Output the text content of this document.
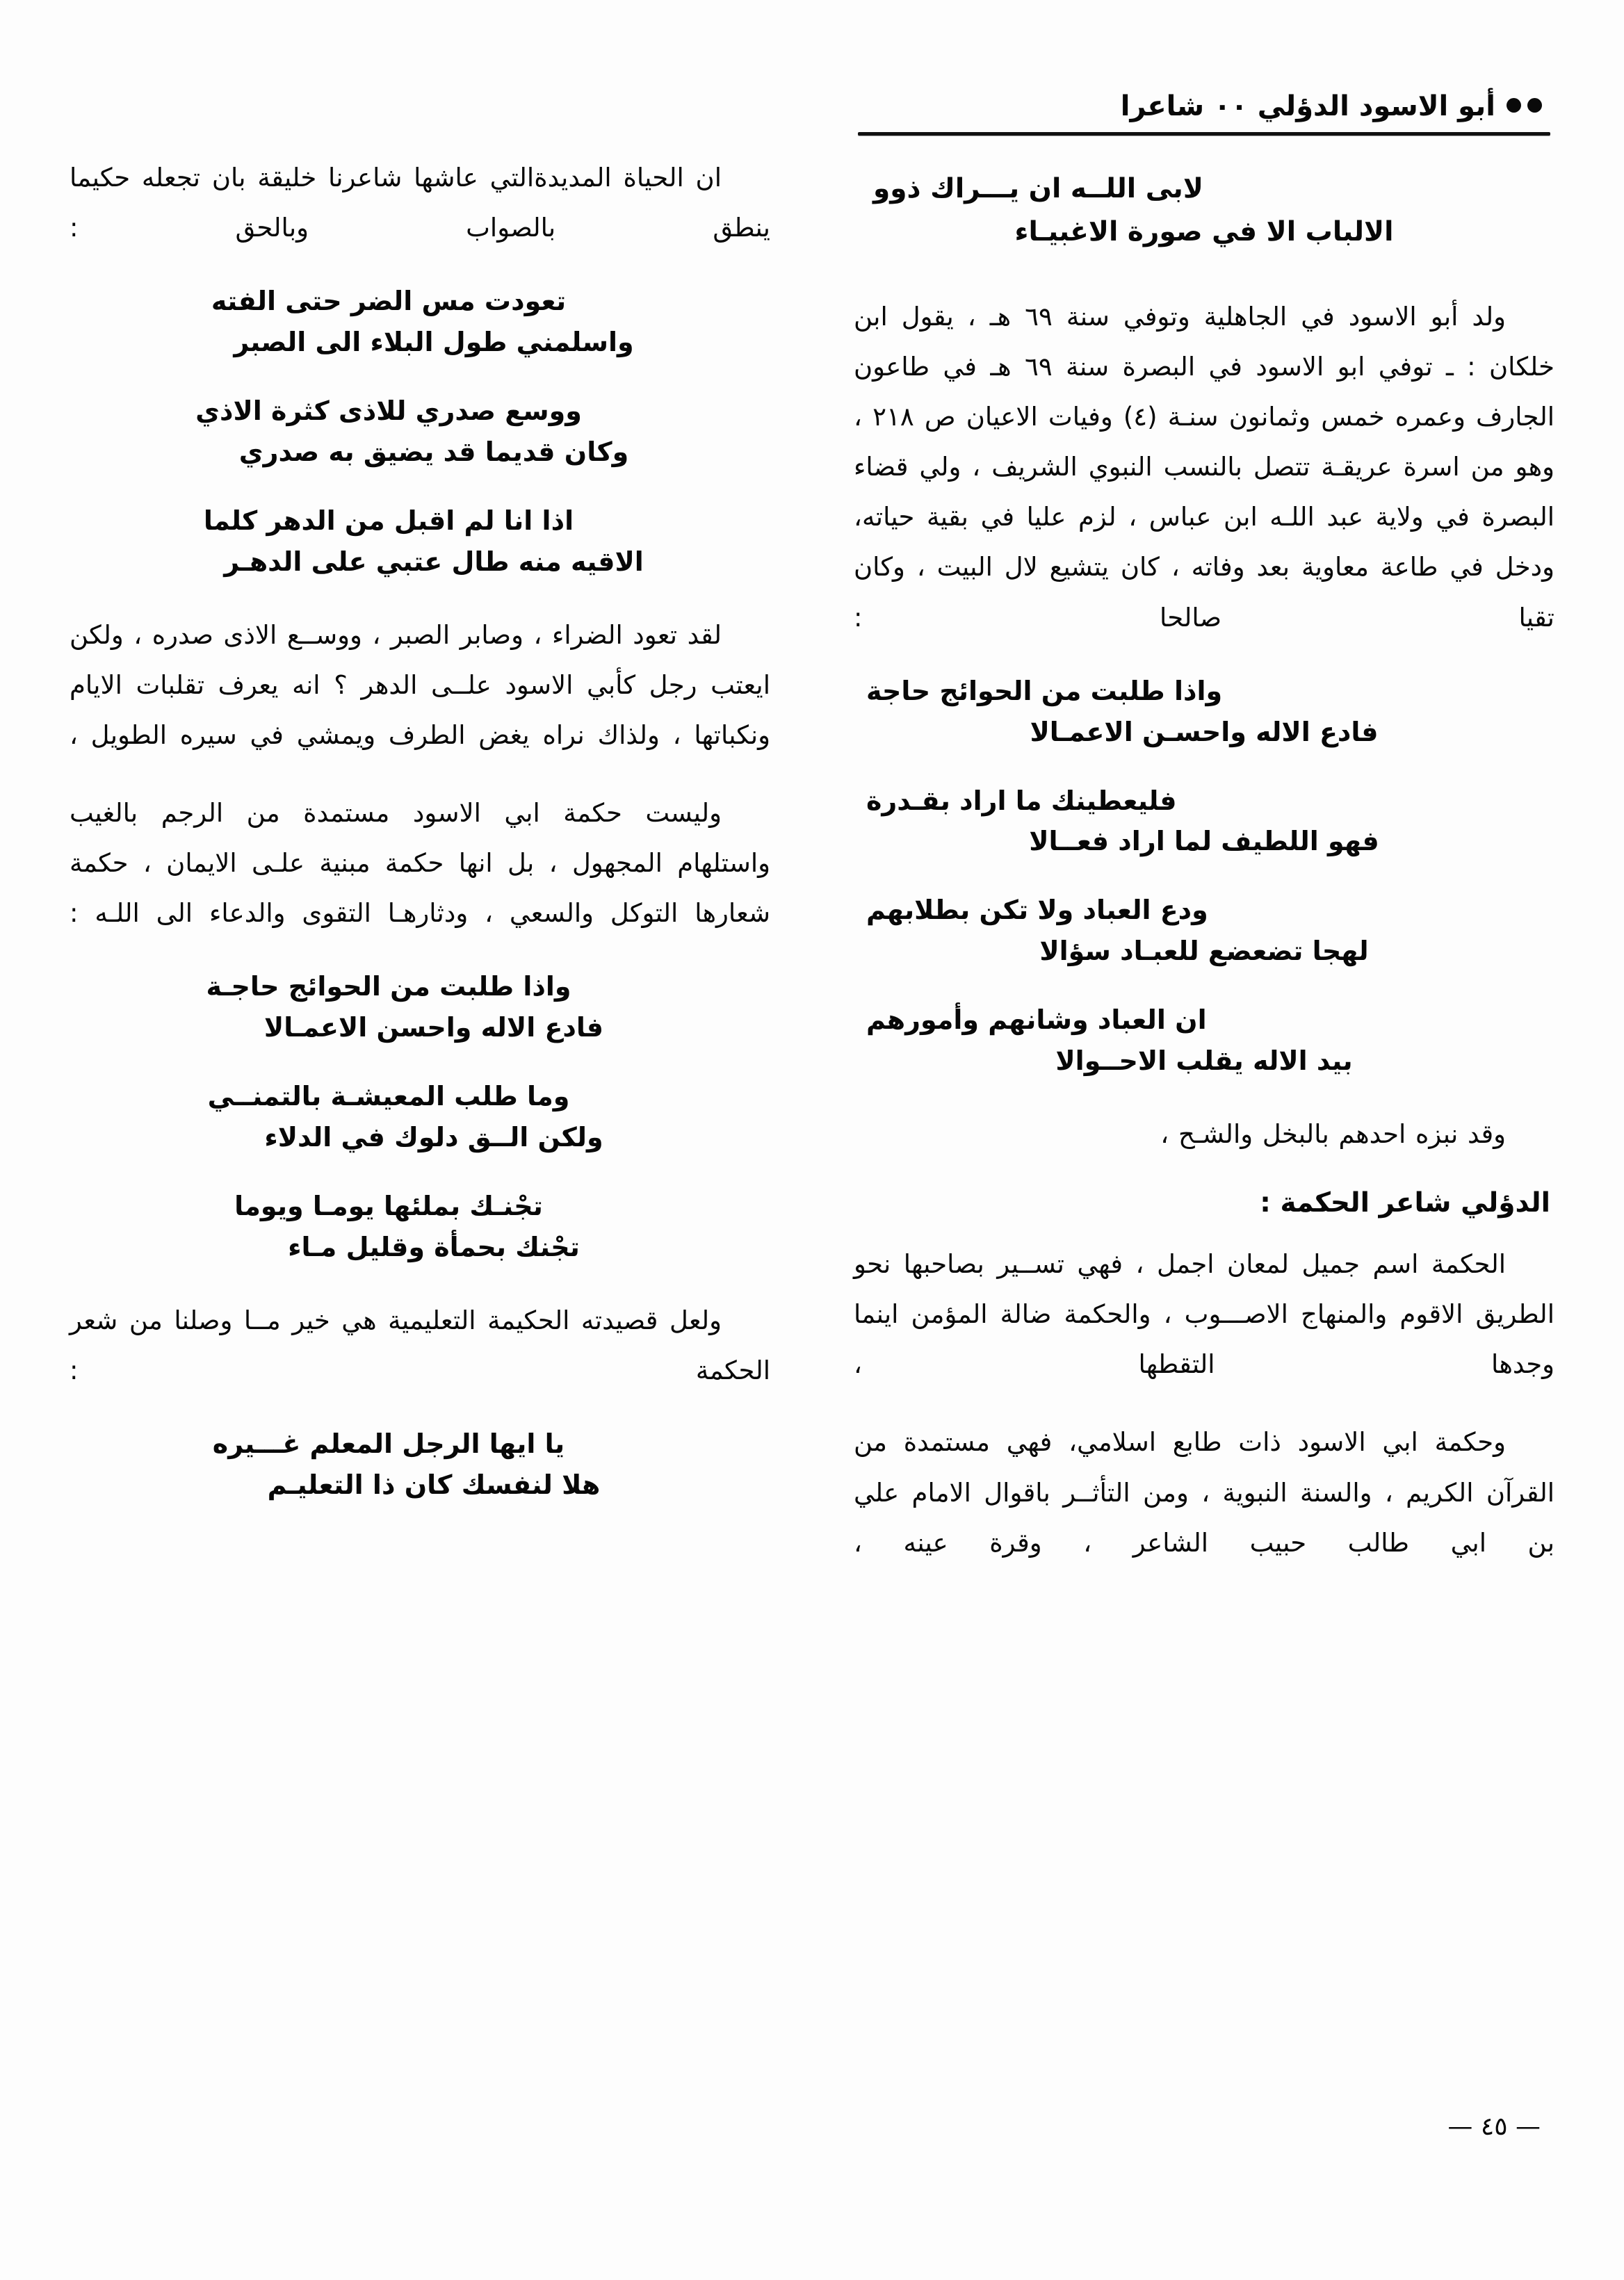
أبو الاسود الدؤلي ٠٠ شاعرا
لابى اللــه ان يـــراك ذوو
الالباب الا في صورة الاغبيـاء

ولد أبو الاسود في الجاهلية وتوفي سنة ٦٩ هـ ، يقول ابن خلكان : ـ توفي ابو الاسود في البصرة سنة ٦٩ هـ في طاعون الجارف وعمره خمس وثمانون سنـة (٤) وفيات الاعيان ص ٢١٨ ، وهو من اسرة عريقـة تتصل بالنسب النبوي الشريف ، ولي قضاء البصرة في ولاية عبد اللـه ابن عباس ، لزم عليا في بقية حياته، ودخل في طاعة معاوية بعد وفاته ، كان يتشيع لال البيت ، وكان تقيا صالحا :

واذا طلبت من الحوائج حاجة
فادع الاله واحسـن الاعمـالا
فليعطينك ما اراد بقـدرة
فهو اللطيف لما اراد فعــالا
ودع العباد ولا تكن بطلابهم
لهجا تضعضع للعبـاد سؤالا
ان العباد وشانهم وأمورهم
بيد الاله يقلب الاحــوالا

وقد نبزه احدهم بالبخل والشـح ،

الدؤلي شاعر الحكمة :

الحكمة اسم جميل لمعان اجمل ، فهي تســير بصاحبها نحو الطريق الاقوم والمنهاج الاصـــوب ، والحكمة ضالة المؤمن اينما وجدها التقطها ،

وحكمة ابي الاسود ذات طابع اسلامي، فهي مستمدة من القرآن الكريم ، والسنة النبوية ، ومن التأثــر باقوال الامام علي بن ابي طالب حبيب الشاعر ، وقرة عينه ،

ان الحياة المديدةالتي عاشها شاعرنا خليقة بان تجعله حكيما ينطق بالصواب وبالحق :

تعودت مس الضر حتى الفته
واسلمني طول البلاء الى الصبر
ووسع صدري للاذى كثرة الاذي
وكان قديما قد يضيق به صدري
اذا انا لم اقبل من الدهر كلما
الاقيه منه طال عتبي على الدهـر

لقد تعود الضراء ، وصابر الصبر ، ووســع الاذى صدره ، ولكن ايعتب رجل كأبي الاسود علــى الدهر ؟ انه يعرف تقلبات الايام ونكباتها ، ولذاك نراه يغض الطرف ويمشي في سيره الطويل ،

وليست حكمة ابي الاسود مستمدة من الرجم بالغيب واستلهام المجهول ، بل انها حكمة مبنية علـى الايمان ، حكمة شعارها التوكل والسعي ، ودثارهـا التقوى والدعاء الى اللـه :

واذا طلبت من الحوائج حاجـة
فادع الاله واحسن الاعمـالا
وما طلب المعيشـة بالتمنــي
ولكن الــق دلوك في الدلاء
تجْنـك بملئها يومـا ويوما
تجْنك بحمأة وقليل مـاء

ولعل قصيدته الحكيمة التعليمية هي خير مــا وصلنا من شعر الحكمة :

يا ايها الرجل المعلم غـــيره
هلا لنفسك كان ذا التعليـم
— ٤٥ —
